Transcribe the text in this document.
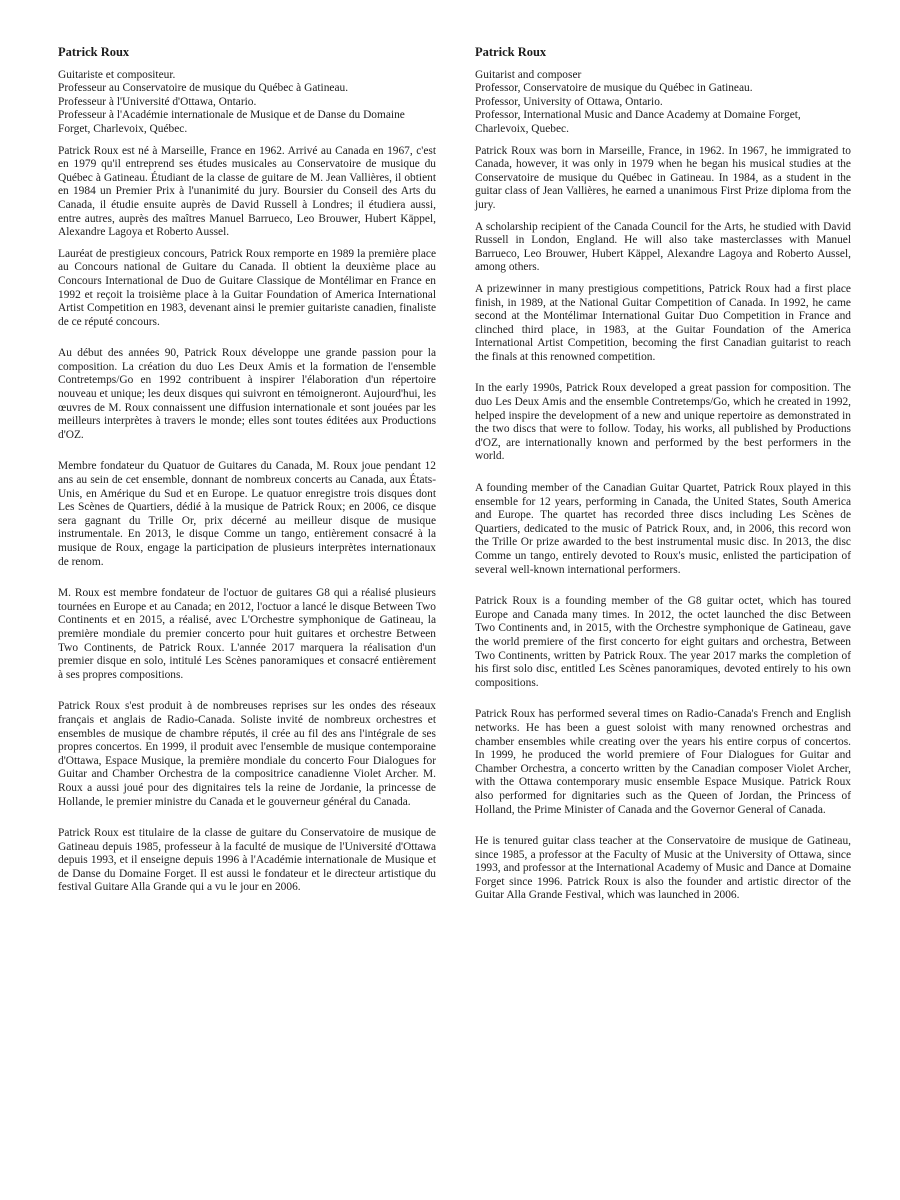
Patrick Roux
Guitariste et compositeur.
Professeur au Conservatoire de musique du Québec à Gatineau.
Professeur à l'Université d'Ottawa, Ontario.
Professeur à l'Académie internationale de Musique et de Danse du Domaine Forget, Charlevoix, Québec.

Patrick Roux est né à Marseille, France en 1962. Arrivé au Canada en 1967, c'est en 1979 qu'il entreprend ses études musicales au Conservatoire de musique du Québec à Gatineau. Étudiant de la classe de guitare de M. Jean Vallières, il obtient en 1984 un Premier Prix à l'unanimité du jury. Boursier du Conseil des Arts du Canada, il étudie ensuite auprès de David Russell à Londres; il étudiera aussi, entre autres, auprès des maîtres Manuel Barrueco, Leo Brouwer, Hubert Käppel, Alexandre Lagoya et Roberto Aussel.

Lauréat de prestigieux concours, Patrick Roux remporte en 1989 la première place au Concours national de Guitare du Canada. Il obtient la deuxième place au Concours International de Duo de Guitare Classique de Montélimar en France en 1992 et reçoit la troisième place à la Guitar Foundation of America International Artist Competition en 1983, devenant ainsi le premier guitariste canadien, finaliste de ce réputé concours.

Au début des années 90, Patrick Roux développe une grande passion pour la composition. La création du duo Les Deux Amis et la formation de l'ensemble Contretemps/Go en 1992 contribuent à inspirer l'élaboration d'un répertoire nouveau et unique; les deux disques qui suivront en témoigneront. Aujourd'hui, les œuvres de M. Roux connaissent une diffusion internationale et sont jouées par les meilleurs interprètes à travers le monde; elles sont toutes éditées aux Productions d'OZ.

Membre fondateur du Quatuor de Guitares du Canada, M. Roux joue pendant 12 ans au sein de cet ensemble, donnant de nombreux concerts au Canada, aux États-Unis, en Amérique du Sud et en Europe. Le quatuor enregistre trois disques dont Les Scènes de Quartiers, dédié à la musique de Patrick Roux; en 2006, ce disque sera gagnant du Trille Or, prix décerné au meilleur disque de musique instrumentale. En 2013, le disque Comme un tango, entièrement consacré à la musique de Roux, engage la participation de plusieurs interprètes internationaux de renom.

M. Roux est membre fondateur de l'octuor de guitares G8 qui a réalisé plusieurs tournées en Europe et au Canada; en 2012, l'octuor a lancé le disque Between Two Continents et en 2015, a réalisé, avec L'Orchestre symphonique de Gatineau, la première mondiale du premier concerto pour huit guitares et orchestre Between Two Continents, de Patrick Roux. L'année 2017 marquera la réalisation d'un premier disque en solo, intitulé Les Scènes panoramiques et consacré entièrement à ses propres compositions.

Patrick Roux s'est produit à de nombreuses reprises sur les ondes des réseaux français et anglais de Radio-Canada. Soliste invité de nombreux orchestres et ensembles de musique de chambre réputés, il crée au fil des ans l'intégrale de ses propres concertos. En 1999, il produit avec l'ensemble de musique contemporaine d'Ottawa, Espace Musique, la première mondiale du concerto Four Dialogues for Guitar and Chamber Orchestra de la compositrice canadienne Violet Archer. M. Roux a aussi joué pour des dignitaires tels la reine de Jordanie, la princesse de Hollande, le premier ministre du Canada et le gouverneur général du Canada.

Patrick Roux est titulaire de la classe de guitare du Conservatoire de musique de Gatineau depuis 1985, professeur à la faculté de musique de l'Université d'Ottawa depuis 1993, et il enseigne depuis 1996 à l'Académie internationale de Musique et de Danse du Domaine Forget. Il est aussi le fondateur et le directeur artistique du festival Guitare Alla Grande qui a vu le jour en 2006.

Patrick Roux
Guitarist and composer
Professor, Conservatoire de musique du Québec in Gatineau.
Professor, University of Ottawa, Ontario.
Professor, International Music and Dance Academy at Domaine Forget, Charlevoix, Quebec.

Patrick Roux was born in Marseille, France, in 1962. In 1967, he immigrated to Canada, however, it was only in 1979 when he began his musical studies at the Conservatoire de musique du Québec in Gatineau. In 1984, as a student in the guitar class of Jean Vallières, he earned a unanimous First Prize diploma from the jury.

A scholarship recipient of the Canada Council for the Arts, he studied with David Russell in London, England. He will also take masterclasses with Manuel Barrueco, Leo Brouwer, Hubert Käppel, Alexandre Lagoya and Roberto Aussel, among others.

A prizewinner in many prestigious competitions, Patrick Roux had a first place finish, in 1989, at the National Guitar Competition of Canada. In 1992, he came second at the Montélimar International Guitar Duo Competition in France and clinched third place, in 1983, at the Guitar Foundation of the America International Artist Competition, becoming the first Canadian guitarist to reach the finals at this renowned competition.

In the early 1990s, Patrick Roux developed a great passion for composition. The duo Les Deux Amis and the ensemble Contretemps/Go, which he created in 1992, helped inspire the development of a new and unique repertoire as demonstrated in the two discs that were to follow. Today, his works, all published by Productions d'OZ, are internationally known and performed by the best performers in the world.

A founding member of the Canadian Guitar Quartet, Patrick Roux played in this ensemble for 12 years, performing in Canada, the United States, South America and Europe. The quartet has recorded three discs including Les Scènes de Quartiers, dedicated to the music of Patrick Roux, and, in 2006, this record won the Trille Or prize awarded to the best instrumental music disc. In 2013, the disc Comme un tango, entirely devoted to Roux's music, enlisted the participation of several well-known international performers.

Patrick Roux is a founding member of the G8 guitar octet, which has toured Europe and Canada many times. In 2012, the octet launched the disc Between Two Continents and, in 2015, with the Orchestre symphonique de Gatineau, gave the world premiere of the first concerto for eight guitars and orchestra, Between Two Continents, written by Patrick Roux. The year 2017 marks the completion of his first solo disc, entitled Les Scènes panoramiques, devoted entirely to his own compositions.

Patrick Roux has performed several times on Radio-Canada's French and English networks. He has been a guest soloist with many renowned orchestras and chamber ensembles while creating over the years his entire corpus of concertos. In 1999, he produced the world premiere of Four Dialogues for Guitar and Chamber Orchestra, a concerto written by the Canadian composer Violet Archer, with the Ottawa contemporary music ensemble Espace Musique. Patrick Roux also performed for dignitaries such as the Queen of Jordan, the Princess of Holland, the Prime Minister of Canada and the Governor General of Canada.

He is tenured guitar class teacher at the Conservatoire de musique de Gatineau, since 1985, a professor at the Faculty of Music at the University of Ottawa, since 1993, and professor at the International Academy of Music and Dance at Domaine Forget since 1996. Patrick Roux is also the founder and artistic director of the Guitar Alla Grande Festival, which was launched in 2006.
